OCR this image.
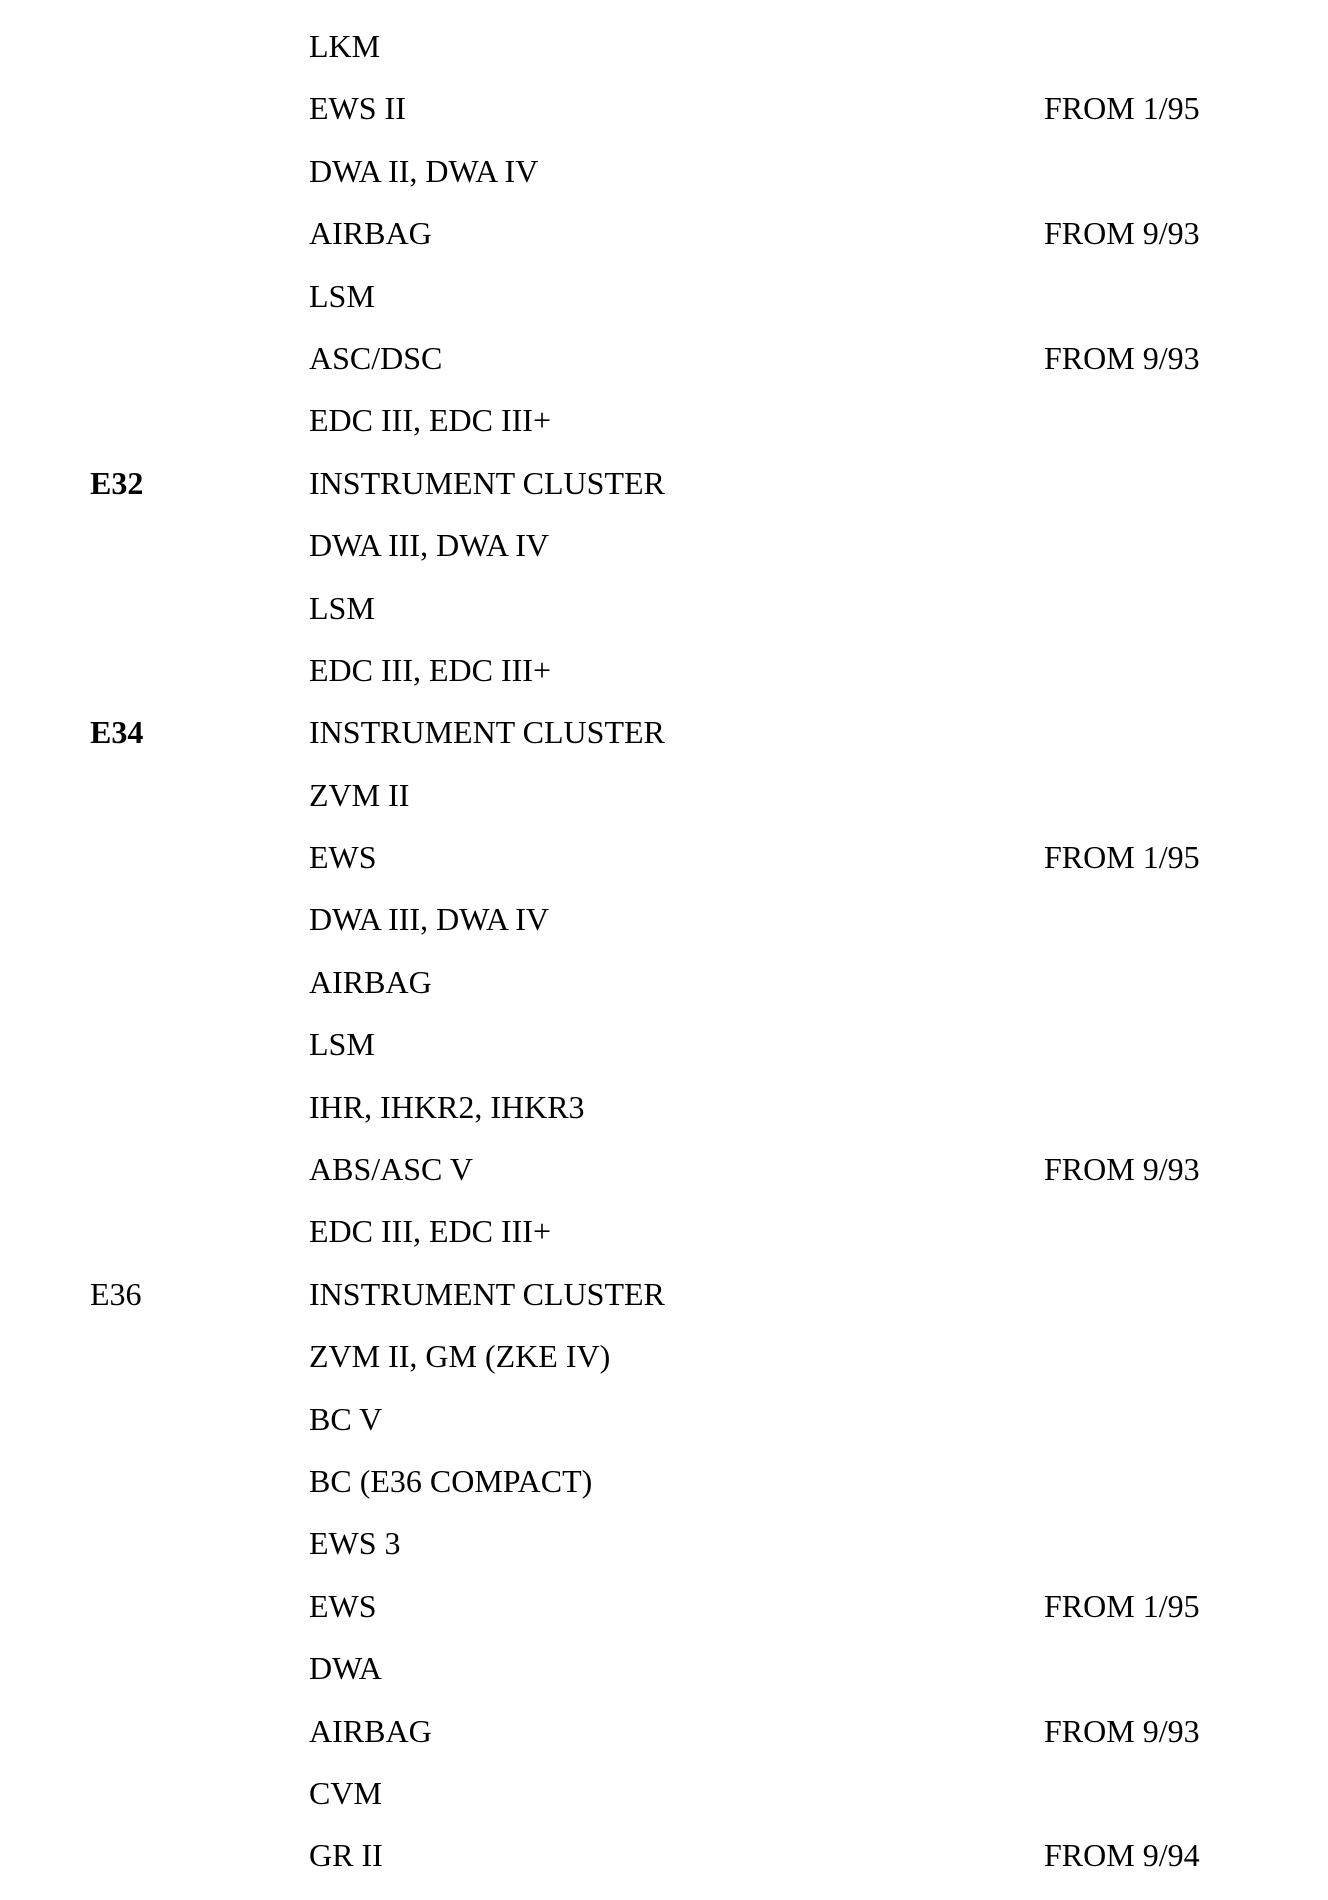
LKM
EWS II	FROM 1/95
DWA II, DWA IV
AIRBAG	FROM 9/93
LSM
ASC/DSC	FROM 9/93
EDC III, EDC III+
E32	INSTRUMENT CLUSTER
DWA III, DWA IV
LSM
EDC III, EDC III+
E34	INSTRUMENT CLUSTER
ZVM II
EWS	FROM 1/95
DWA III, DWA IV
AIRBAG
LSM
IHR, IHKR2, IHKR3
ABS/ASC V	FROM 9/93
EDC III, EDC III+
E36	INSTRUMENT CLUSTER
ZVM II, GM (ZKE IV)
BC V
BC (E36 COMPACT)
EWS 3
EWS	FROM 1/95
DWA
AIRBAG	FROM 9/93
CVM
GR II	FROM 9/94
